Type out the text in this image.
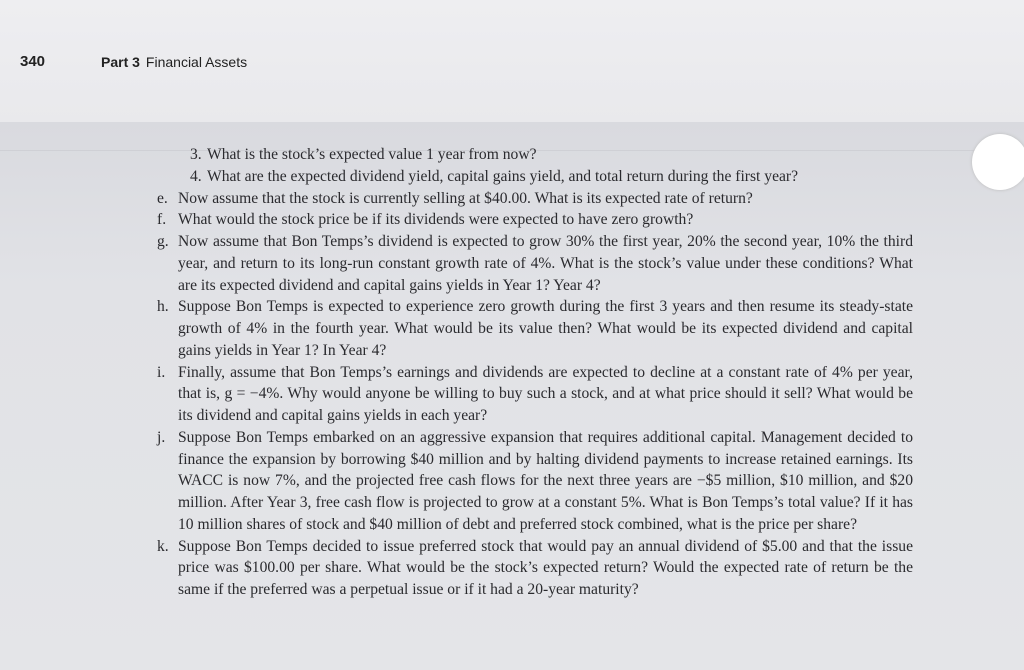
340	Part 3 Financial Assets
3. What is the stock’s expected value 1 year from now?
4. What are the expected dividend yield, capital gains yield, and total return during the first year?
e. Now assume that the stock is currently selling at $40.00. What is its expected rate of return?
f. What would the stock price be if its dividends were expected to have zero growth?
g. Now assume that Bon Temps’s dividend is expected to grow 30% the first year, 20% the second year, 10% the third year, and return to its long-run constant growth rate of 4%. What is the stock’s value under these conditions? What are its expected dividend and capital gains yields in Year 1? Year 4?
h. Suppose Bon Temps is expected to experience zero growth during the first 3 years and then resume its steady-state growth of 4% in the fourth year. What would be its value then? What would be its expected dividend and capital gains yields in Year 1? In Year 4?
i. Finally, assume that Bon Temps’s earnings and dividends are expected to decline at a constant rate of 4% per year, that is, g = −4%. Why would anyone be willing to buy such a stock, and at what price should it sell? What would be its dividend and capital gains yields in each year?
j. Suppose Bon Temps embarked on an aggressive expansion that requires additional capital. Management decided to finance the expansion by borrowing $40 million and by halting dividend payments to increase retained earnings. Its WACC is now 7%, and the projected free cash flows for the next three years are −$5 million, $10 million, and $20 million. After Year 3, free cash flow is projected to grow at a constant 5%. What is Bon Temps’s total value? If it has 10 million shares of stock and $40 million of debt and preferred stock combined, what is the price per share?
k. Suppose Bon Temps decided to issue preferred stock that would pay an annual dividend of $5.00 and that the issue price was $100.00 per share. What would be the stock’s expected return? Would the expected rate of return be the same if the preferred was a perpetual issue or if it had a 20-year maturity?
